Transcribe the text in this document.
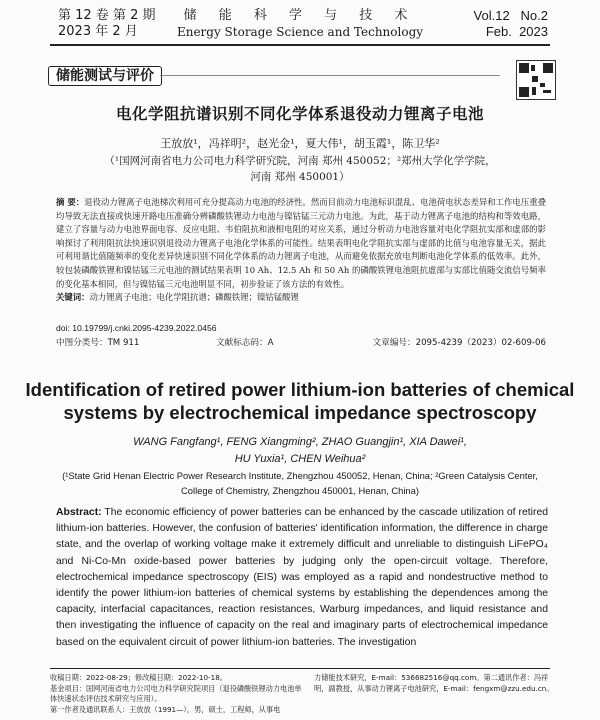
第 12 卷 第 2 期
2023 年 2 月
储 能 科 学 与 技 术
Energy Storage Science and Technology
Vol.12   No.2
Feb.  2023
储能测试与评价
电化学阻抗谱识别不同化学体系退役动力锂离子电池
王放放¹，冯祥明²，赵光金¹，夏大伟¹，胡玉霞¹，陈卫华²
（¹国网河南省电力公司电力科学研究院，河南 郑州 450052；²郑州大学化学学院，
河南 郑州 450001）
摘 要：退役动力锂离子电池梯次利用可充分提高动力电池的经济性。然而目前动力电池标识混乱、电池荷电状态差异和工作电压重叠均导致无法直接或快速开路电压准确分辨磷酸铁锂动力电池与镍钴锰三元动力电池。为此，基于动力锂离子电池的结构和等效电路，建立了容量与动力电池界面电容、反应电阻、韦伯阻抗和液相电阻的对应关系，通过分析动力电池容量对电化学阻抗实部和虚部的影响探讨了利用阻抗法快速识别退役动力锂离子电池化学体系的可能性。结果表明电化学阻抗实部与虚部的比值与电池容量无关，据此可利用谐比值随频率的变化差异快速识别不同化学体系的动力锂离子电池，从而避免依据充放电判断电池化学体系的低效率。此外，较包装磷酸铁锂和镍钴锰三元电池的测试结果表明 10 Ah、12.5 Ah 和 50 Ah 的磷酸铁锂电池阻抗虚部与实部比值随交流信号频率的变化基本相同，但与镍钴锰三元电池明显不同，初步验证了该方法的有效性。
关键词：动力锂离子电池；电化学阻抗谱；磷酸铁锂；镍钴锰酸锂
doi: 10.19799/j.cnki.2095-4239.2022.0456
中图分类号：TM 911	文献标志码：A	文章编号：2095-4239（2023）02-609-06
Identification of retired power lithium-ion batteries of chemical
systems by electrochemical impedance spectroscopy
WANG Fangfang¹, FENG Xiangming², ZHAO Guangjin¹, XIA Dawei¹,
HU Yuxia¹, CHEN Weihua²
(¹State Grid Henan Electric Power Research Institute, Zhengzhou 450052, Henan, China; ²Green Catalysis Center,
College of Chemistry, Zhengzhou 450001, Henan, China)
Abstract: The economic efficiency of power batteries can be enhanced by the cascade utilization of retired lithium-ion batteries. However, the confusion of batteries' identification information, the difference in charge state, and the overlap of working voltage make it extremely difficult and unreliable to distinguish LiFePO₄ and Ni-Co-Mn oxide-based power batteries by judging only the open-circuit voltage. Therefore, electrochemical impedance spectroscopy (EIS) was employed as a rapid and nondestructive method to identify the power lithium-ion batteries of chemical systems by establishing the dependences among the capacity, interfacial capacitances, reaction resistances, Warburg impedances, and liquid resistance and then investigating the influence of capacity on the real and imaginary parts of electrochemical impedance based on the equivalent circuit of power lithium-ion batteries. The investigation
收稿日期：2022-08-29；修改稿日期：2022-10-18。
基金项目：国网河南省电力公司电力科学研究院项目（退役磷酸铁锂动力电池单体快速状态评估技术研究与应用）。
第一作者及通讯联系人：王放放（1991—），男，硕士，工程师，从事电
力储能技术研究，E-mail：536682516@qq.com。第二通讯作者：冯祥明，副教授，从事动力锂离子电池研究，E-mail：fengxm@zzu.edu.cn。
